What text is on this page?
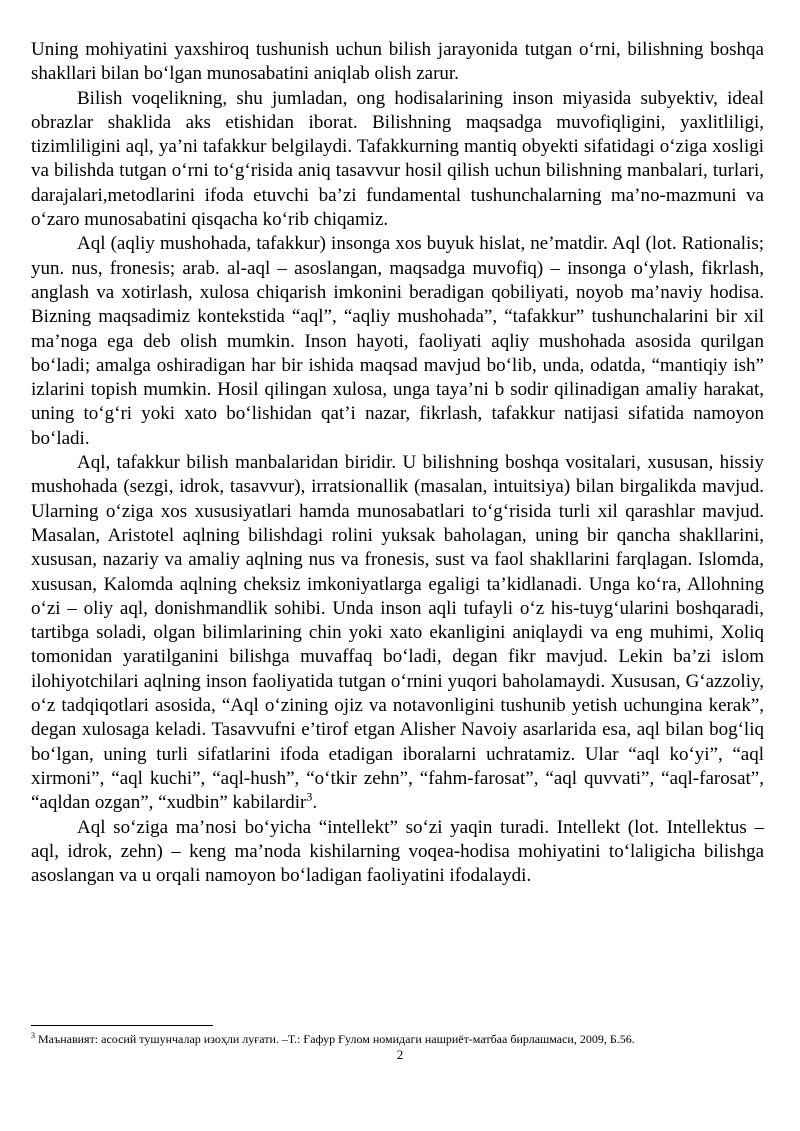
Uning mohiyatini yaxshiroq tushunish uchun bilish jarayonida tutgan o‘rni, bilishning boshqa shakllari bilan bo‘lgan munosabatini aniqlab olish zarur.

Bilish voqelikning, shu jumladan, ong hodisalarining inson miyasida subyektiv, ideal obrazlar shaklida aks etishidan iborat. Bilishning maqsadga muvofiqligini, yaxlitliligi, tizimliligini aql, ya’ni tafakkur belgilaydi. Tafakkurning mantiq obyekti sifatidagi o‘ziga xosligi va bilishda tutgan o‘rni to‘g‘risida aniq tasavvur hosil qilish uchun bilishning manbalari, turlari, darajalari,metodlarini ifoda etuvchi ba’zi fundamental tushunchalarning ma’no-mazmuni va o‘zaro munosabatini qisqacha ko‘rib chiqamiz.

Aql (aqliy mushohada, tafakkur) insonga xos buyuk hislat, ne’matdir. Aql (lot. Rationalis; yun. nus, fronesis; arab. al-aql – asoslangan, maqsadga muvofiq) – insonga o‘ylash, fikrlash, anglash va xotirlash, xulosa chiqarish imkonini beradigan qobiliyati, noyob ma’naviy hodisa. Bizning maqsadimiz kontekstida “aql”, “aqliy mushohada”, “tafakkur” tushunchalarini bir xil ma’noga ega deb olish mumkin. Inson hayoti, faoliyati aqliy mushohada asosida qurilgan bo‘ladi; amalga oshiradigan har bir ishida maqsad mavjud bo‘lib, unda, odatda, “mantiqiy ish” izlarini topish mumkin. Hosil qilingan xulosa, unga taya’ni b sodir qilinadigan amaliy harakat, uning to‘g‘ri yoki xato bo‘lishidan qat’i nazar, fikrlash, tafakkur natijasi sifatida namoyon bo‘ladi.

Aql, tafakkur bilish manbalaridan biridir. U bilishning boshqa vositalari, xususan, hissiy mushohada (sezgi, idrok, tasavvur), irratsionallik (masalan, intuitsiya) bilan birgalikda mavjud. Ularning o‘ziga xos xususiyatlari hamda munosabatlari to‘g‘risida turli xil qarashlar mavjud. Masalan, Aristotel aqlning bilishdagi rolini yuksak baholagan, uning bir qancha shakllarini, xususan, nazariy va amaliy aqlning nus va fronesis, sust va faol shakllarini farqlagan. Islomda, xususan, Kalomda aqlning cheksiz imkoniyatlarga egaligi ta’kidlanadi. Unga ko‘ra, Allohning o‘zi – oliy aql, donishmandlik sohibi. Unda inson aqli tufayli o‘z his-tuyg‘ularini boshqaradi, tartibga soladi, olgan bilimlarining chin yoki xato ekanligini aniqlaydi va eng muhimi, Xoliq tomonidan yaratilganini bilishga muvaffaq bo‘ladi, degan fikr mavjud. Lekin ba’zi islom ilohiyotchilari aqlning inson faoliyatida tutgan o‘rnini yuqori baholamaydi. Xususan, G‘azzoliy, o‘z tadqiqotlari asosida, “Aql o‘zining ojiz va notavonligini tushunib yetish uchungina kerak”, degan xulosaga keladi. Tasavvufni e’tirof etgan Alisher Navoiy asarlarida esa, aql bilan bog‘liq bo‘lgan, uning turli sifatlarini ifoda etadigan iboralarni uchratamiz. Ular “aql ko‘yi”, “aql xirmoni”, “aql kuchi”, “aql-hush”, “o‘tkir zehn”, “fahm-farosat”, “aql quvvati”, “aql-farosat”, “aqldan ozgan”, “xudbin” kabilardir$^3$.

Aql so‘ziga ma’nosi bo‘yicha “intellekt” so‘zi yaqin turadi. Intellekt (lot. Intellektus – aql, idrok, zehn) – keng ma’noda kishilarning voqea-hodisa mohiyatini to‘laligicha bilishga asoslangan va u orqali namoyon bo‘ladigan faoliyatini ifodalaydi.

$^3$ Маънавият: асосий тушунчалар изоҳли луғати. –Т.: Ғафур Ғулом номидаги нашриёт-матбаа бирлашмаси, 2009, Б.56.

2
